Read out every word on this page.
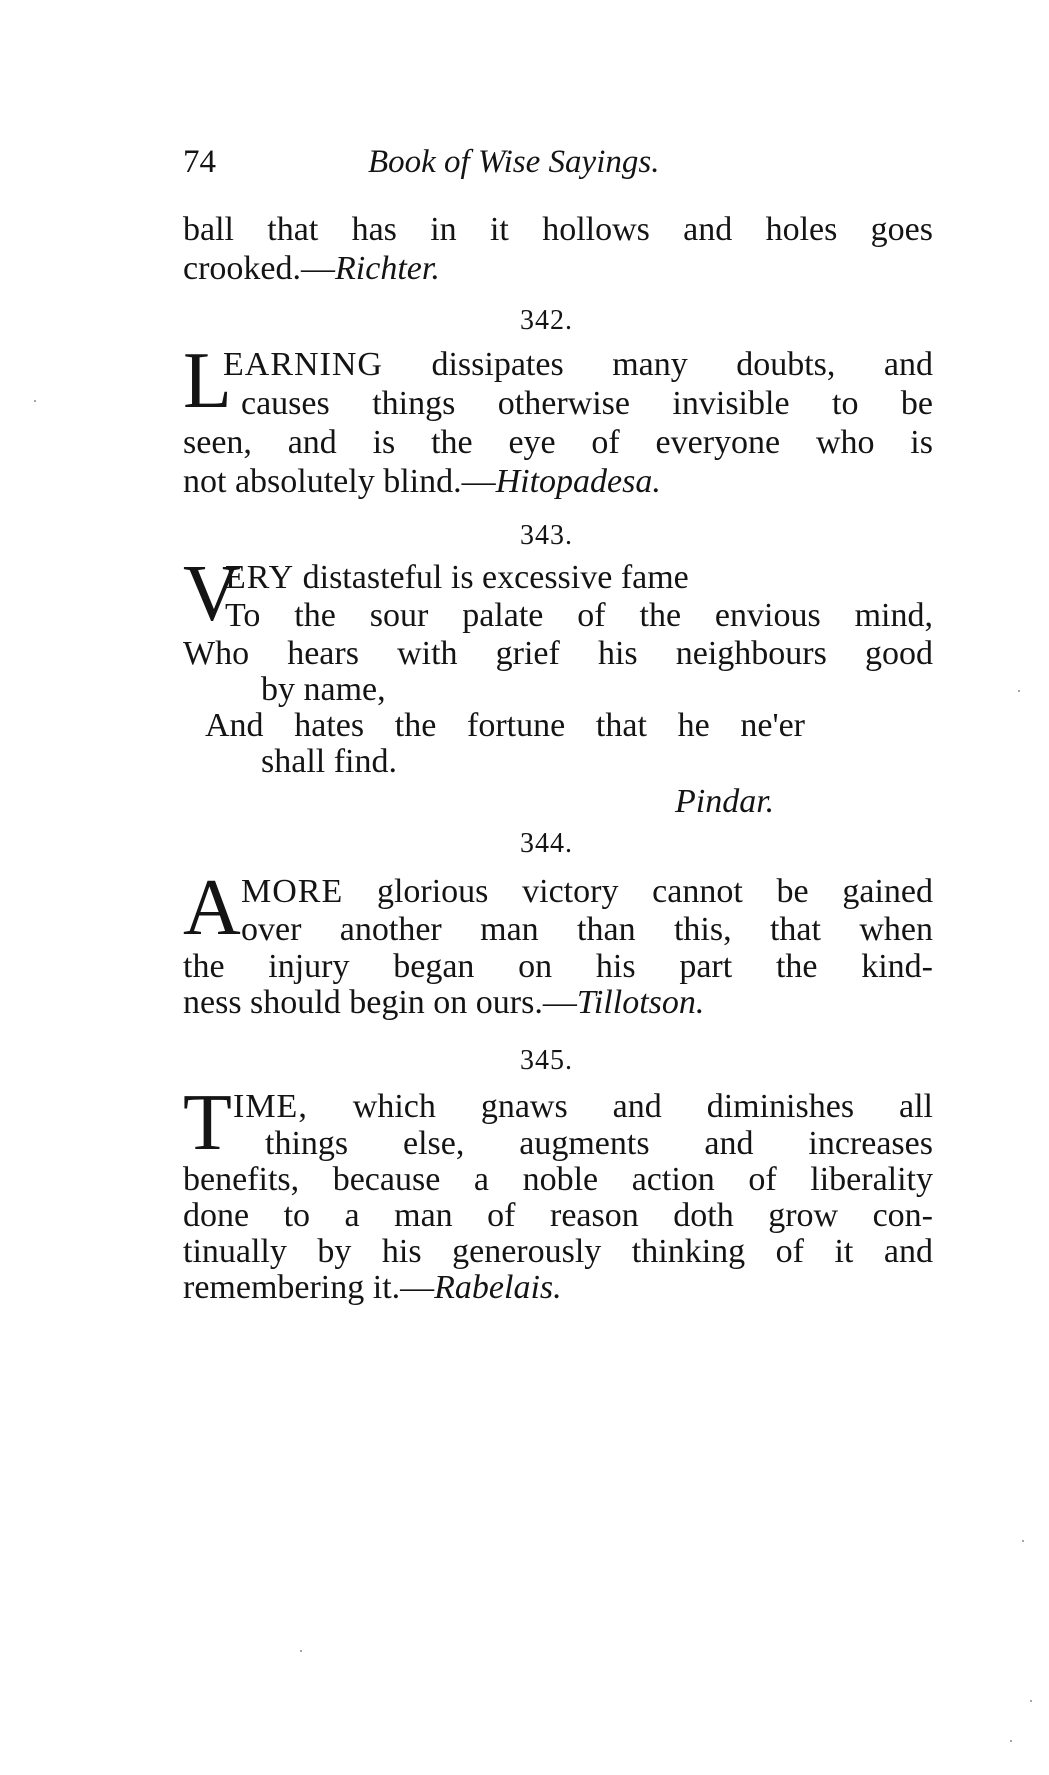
74	Book of Wise Sayings.
ball that has in it hollows and holes goes
crooked.—Richter.
342.
L
EARNING dissipates many doubts, and
causes things otherwise invisible to be
seen, and is the eye of everyone who is
not absolutely blind.—Hitopadesa.
343.
V
ERY distasteful is excessive fame
To the sour palate of the envious mind,
Who hears with grief his neighbours good
by name,
And hates the fortune that he ne'er
shall find.
Pindar.
344.
A MORE glorious victory cannot be gained
over another man than this, that when
the injury began on his part the kind-
ness should begin on ours.—Tillotson.
345.
T IME, which gnaws and diminishes all
things else, augments and increases
benefits, because a noble action of liberality
done to a man of reason doth grow con-
tinually by his generously thinking of it and
remembering it.—Rabelais.
